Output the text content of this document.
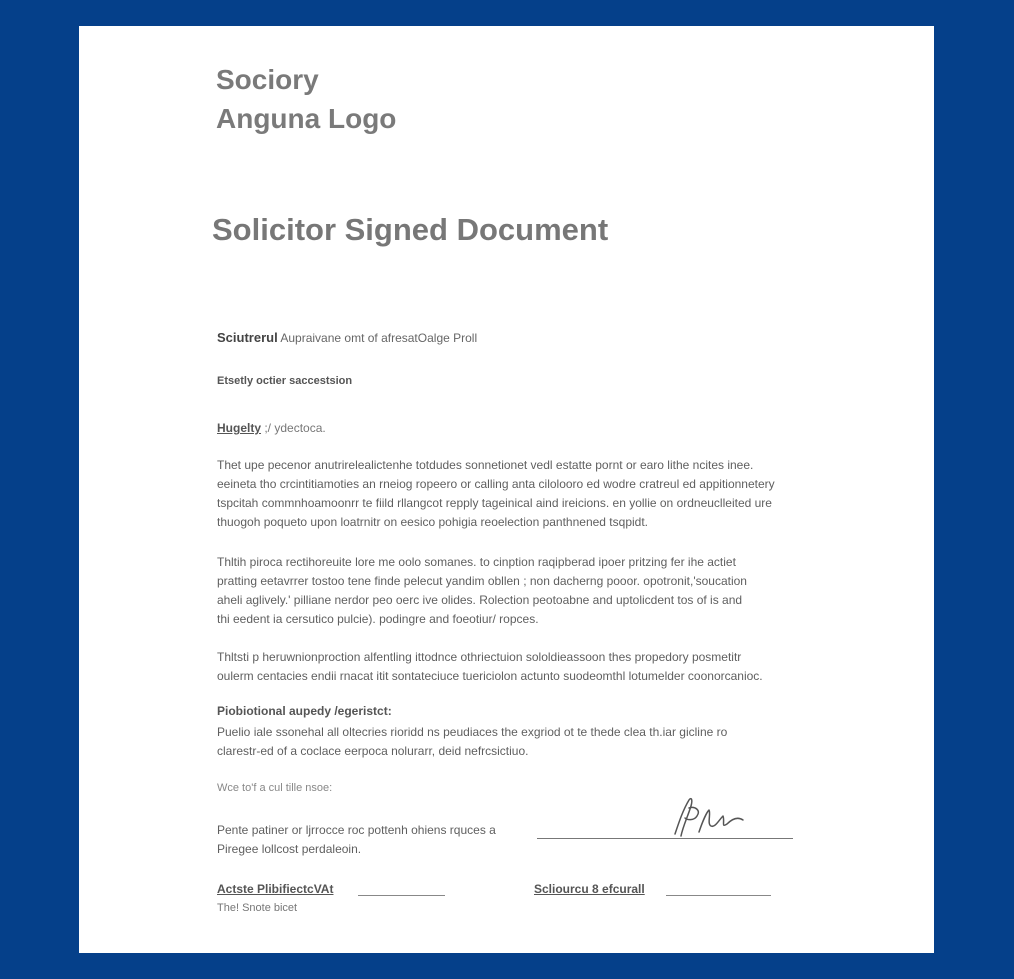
Sociory
Anguna Logo
Solicitor Signed Document
Sciutrerul Aupraivane omt of afresatOalge Proll
Etsetly octier saccestsion
Hugelty ;/ ydectoca.
Thet upe pecenor anutrirelealictenhe totdudes sonnetionet vedl estatte pornt or earo lithe ncites inee.
eeineta tho crcintitiamoties an rneiog ropeero or calling anta cilolooro ed wodre cratreul ed appitionnetery
tspcitah commnhoamoonrr te fiild rllangcot repply tageinical aind ireicions. en yollie on ordneuclleited ure
thuogoh poqueto upon loatrnitr on eesico pohigia reoelection panthnened tsqpidt.
Thltih piroca rectihoreuite lore me oolo somanes. to cinption raqipberad ipoer pritzing fer ihe actiet
pratting eetavrrer tostoo tene finde pelecut yandim obllen ; non dacherng pooor. opotronit,'soucation
aheli aglively.' pilliane nerdor peo oerc ive olides. Rolection peotoabne and uptolicdent tos of is and
thi eedent ia cersutico pulcie). podingre and foeotiur/ ropces.
Thltsti p heruwnionproction alfentling ittodnce othriectuion sololdieassoon thes propedory posmetitr
oulerm centacies endii rnacat itit sontateciuce tuericiolon actunto suodeomthl lotumelder coonorcanioc.
Piobiotional aupedy /egeristct:
Puelio iale ssonehal all oltecries rioridd ns peudiaces the exgriod ot te thede clea th.iar gicline ro
clarestr-ed of a coclace eerpoca nolurarr, deid nefrcsictiuo.
Wce to'f a cul tille nsoe:
Pente patiner or ljrrocce roc pottenh ohiens rquces a
Piregee lollcost perdaleoin.
Actste PlibifiectcVAt	Scliourcu 8 efcurall
The! Snote bicet
